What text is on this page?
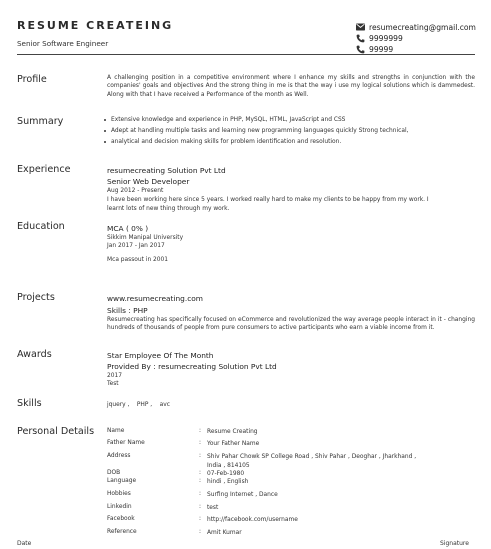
RESUME CREATEING
Senior Software Engineer
resumecreating@gmail.com
9999999
99999
Profile	A challenging position in a competitive environment where I enhance my skills and strengths in conjunction with the companies' goals and objectives And the strong thing in me is that the way i use my logical solutions which is dammedest. Along with that I have received a Performance of the month as Well.
Summary	Extensive knowledge and experience in PHP, MySQL, HTML, JavaScript and CSS
Adept at handling multiple tasks and learning new programming languages quickly Strong technical,
analytical and decision making skills for problem identification and resolution.
Experience	resumecreating Solution Pvt Ltd
Senior Web Developer
Aug 2012 - Present
I have been working here since 5 years. I worked really hard to make my clients to be happy from my work. I
learnt lots of new thing through my work.
Education	MCA ( 0% )
Sikkim Manipal University
Jan 2017 - Jan 2017
Mca passout in 2001
Projects	www.resumecreating.com
Skills : PHP
Resumecreating has specifically focused on eCommerce and revolutionized the way average people interact in it - changing hundreds of thousands of people from pure consumers to active participants who earn a viable income from it.
Awards	Star Employee Of The Month
Provided By : resumecreating Solution Pvt Ltd
2017
Test
Skills	jquery ,    PHP ,    avc
Personal Details Name	: Resume Creating
Father Name	: Your Father Name
Address	: Shiv Pahar Chowk SP College Road , Shiv Pahar , Deoghar , Jharkhand ,
India , 814105
DOB	: 07-Feb-1980
Language	: hindi , English
Hobbies	: Surfing Internet , Dance
Linkedin	: test
Facebook	: http://facebook.com/username
Reference	: Amit Kumar
Date	Signature
